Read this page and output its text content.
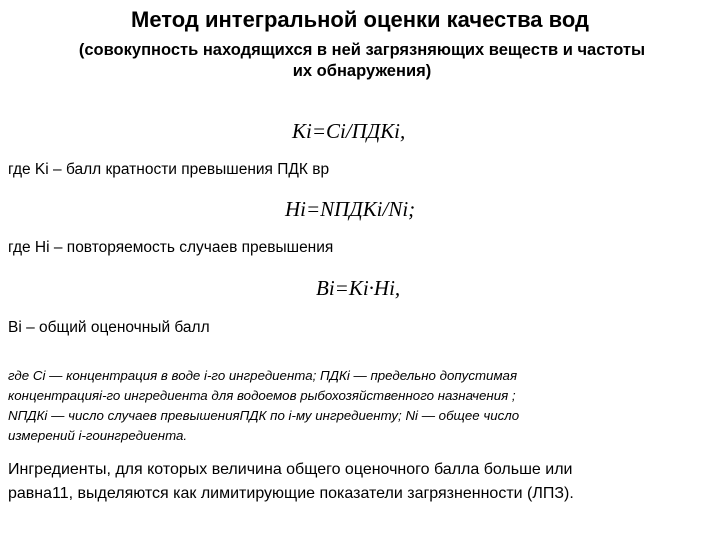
Метод интегральной оценки качества вод
(совокупность находящихся в ней загрязняющих веществ и частоты
их обнаружения)
Ki=Ci/ПДКi,
где Ki – балл кратности превышения ПДК вр
Hi=NПДКi/Ni;
где Hi – повторяемость случаев превышения
Bi=Ki·Hi,
Bi – общий оценочный балл
где Ci — концентрация в воде i-го ингредиента; ПДКi — предельно допустимая
концентрацияi-го ингредиента для водоемов рыбохозяйственного назначения ;
NПДКi — число случаев превышенияПДК по i-му ингредиенту; Ni — общее число
измерений i-гоингредиента.
Ингредиенты, для которых величина общего оценочного балла больше или
равна11, выделяются как лимитирующие показатели загрязненности (ЛПЗ).
